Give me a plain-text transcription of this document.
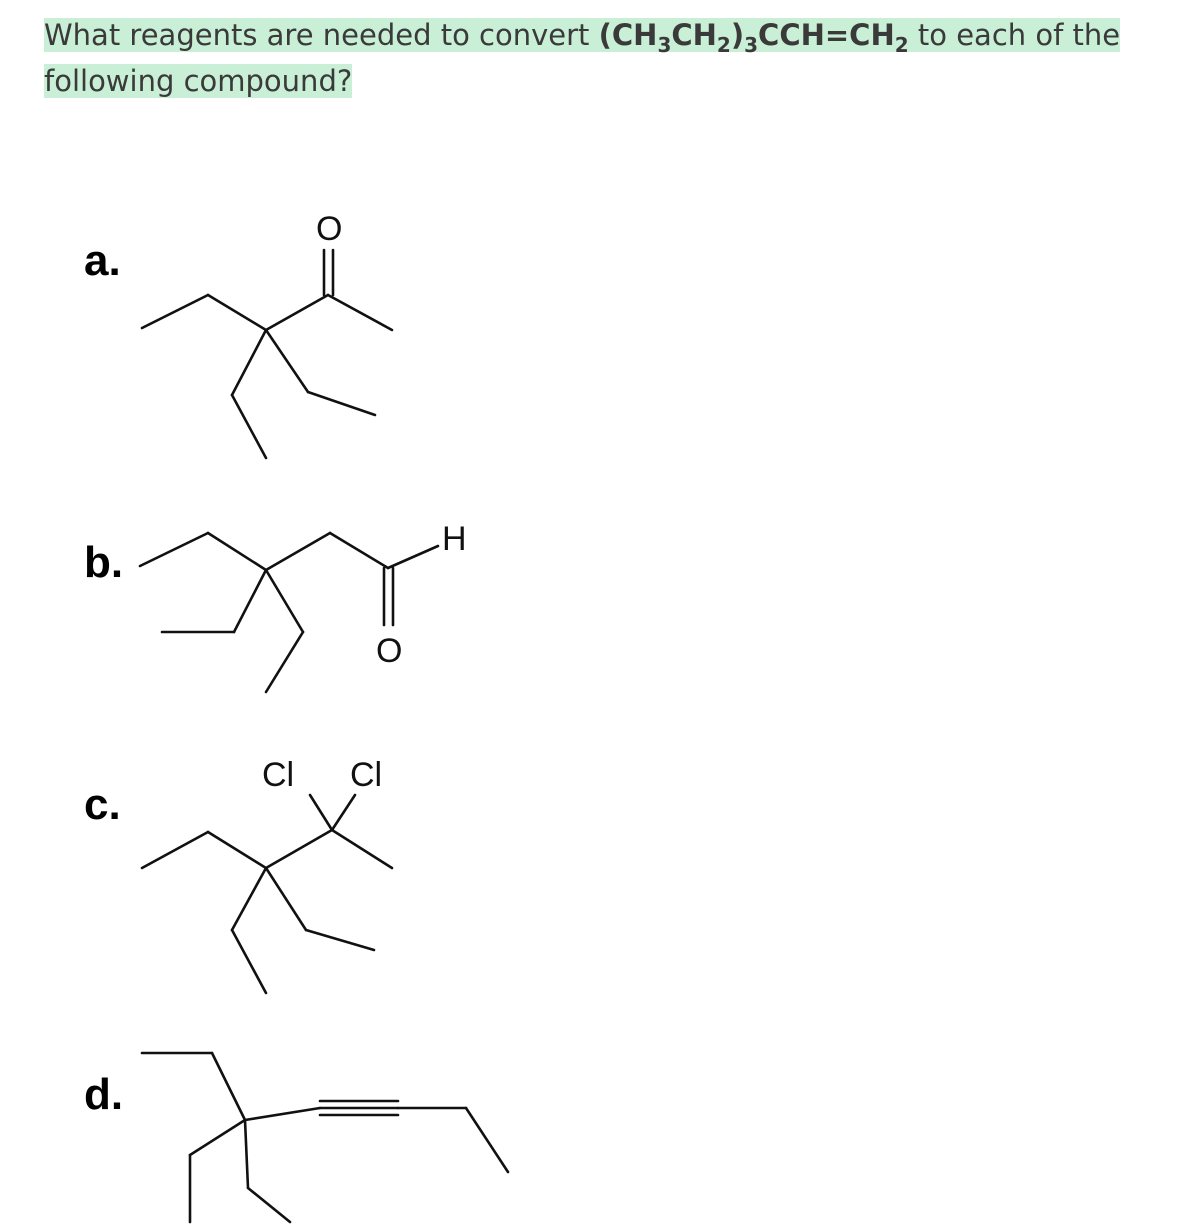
What reagents are needed to convert $(CH_3CH_2)_3CCH=CH_2$ to each of the following compound?
a.
b.
c.
d.
O
H
O
Cl Cl
